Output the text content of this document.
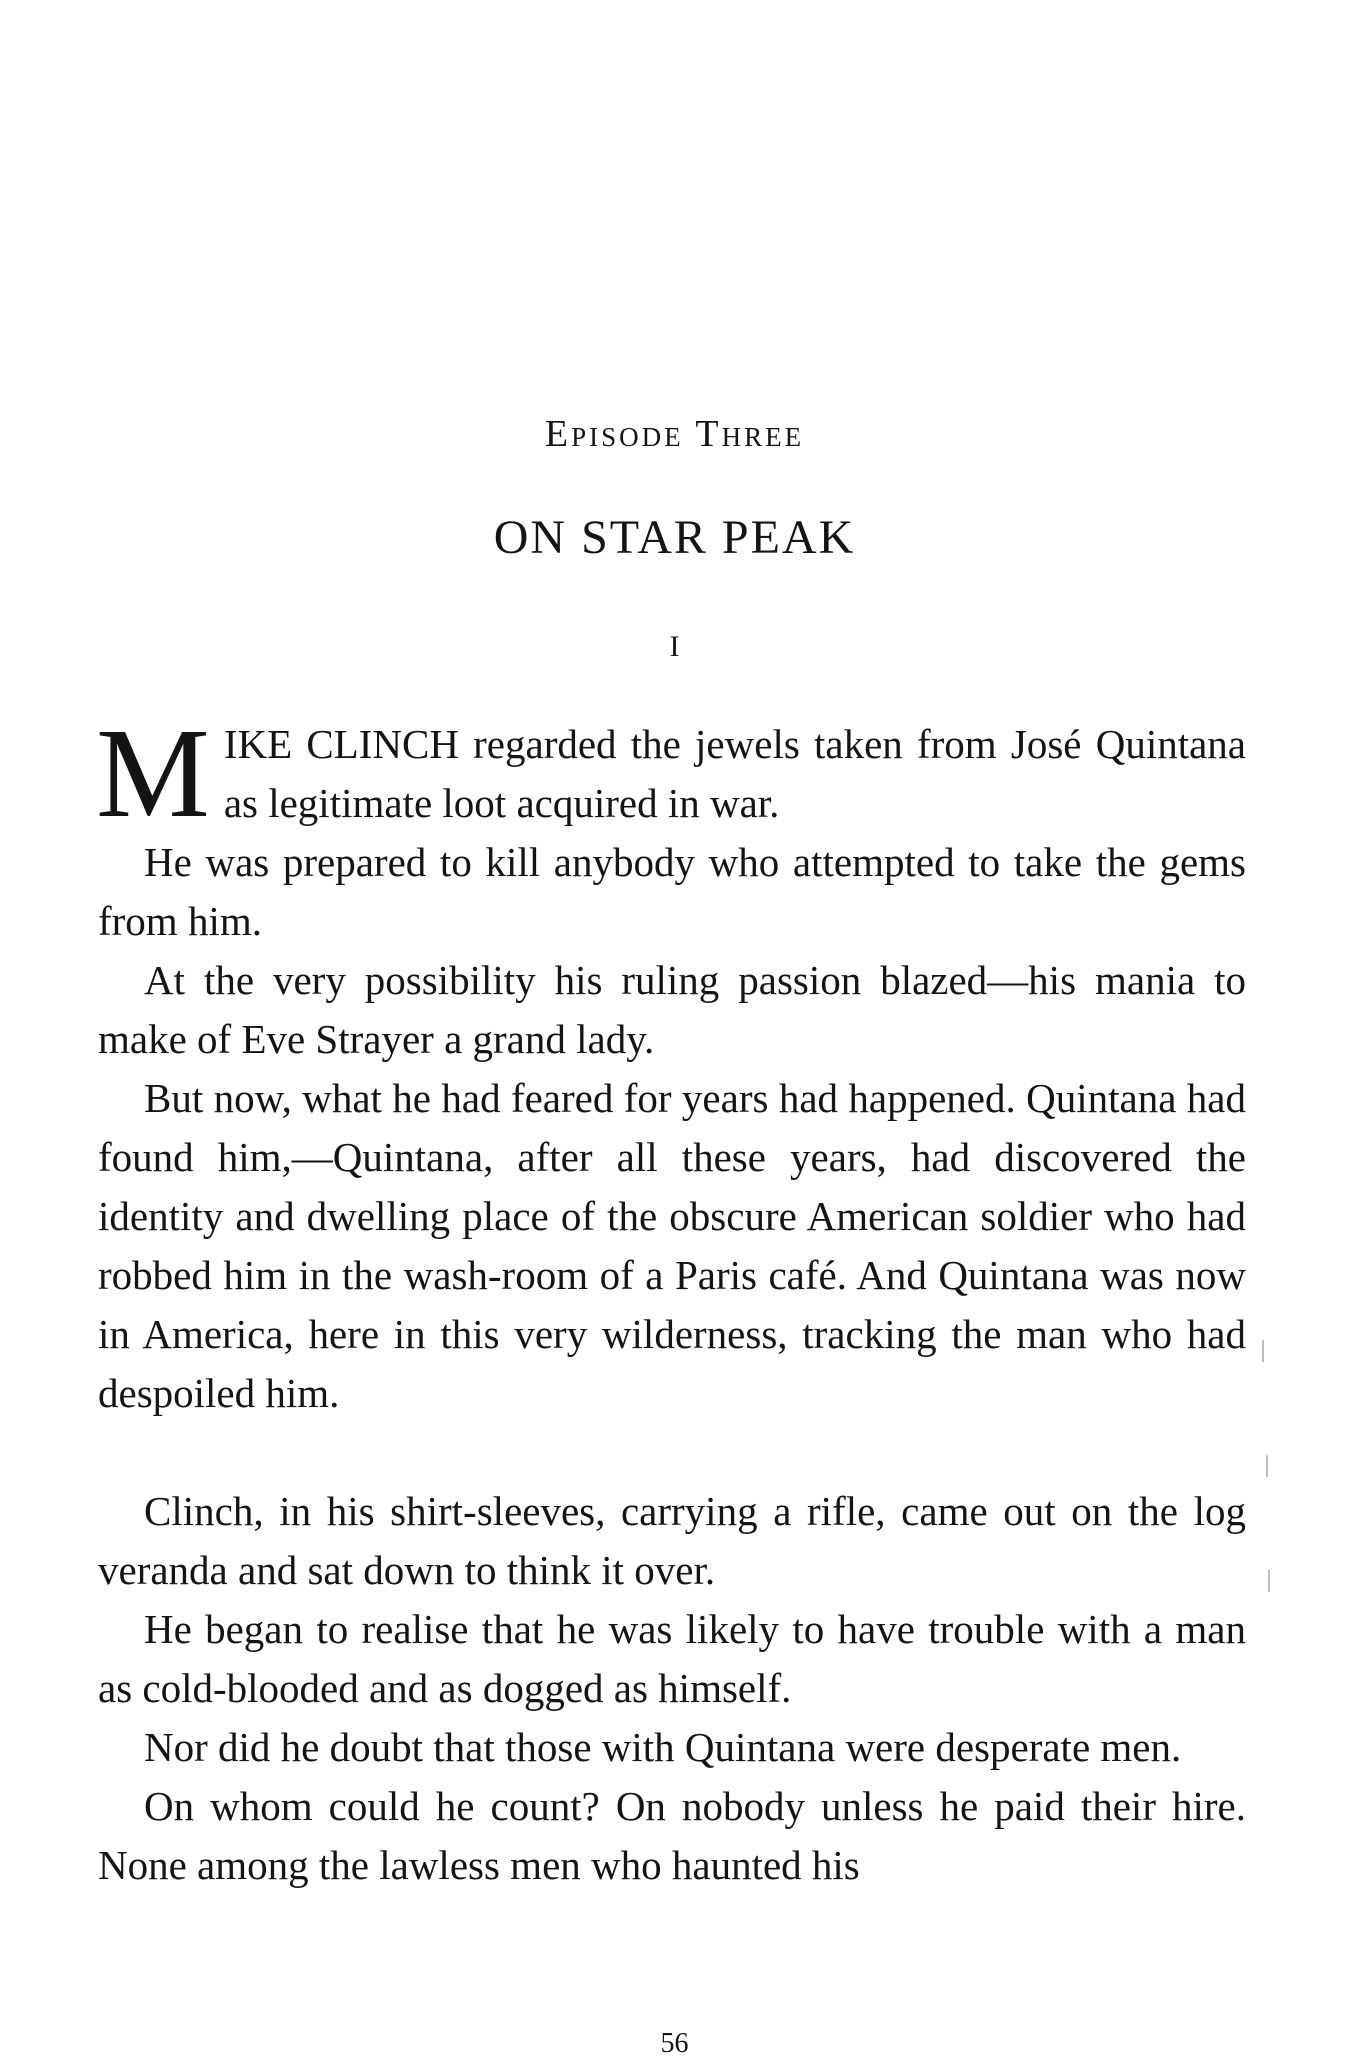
Episode Three
ON STAR PEAK
I

M IKE CLINCH regarded the jewels taken from José Quintana as legitimate loot acquired in war.

He was prepared to kill anybody who attempted to take the gems from him.

At the very possibility his ruling passion blazed—his mania to make of Eve Strayer a grand lady.

But now, what he had feared for years had happened. Quintana had found him,—Quintana, after all these years, had discovered the identity and dwelling place of the obscure American soldier who had robbed him in the wash-room of a Paris café. And Quintana was now in America, here in this very wilderness, tracking the man who had despoiled him.

Clinch, in his shirt-sleeves, carrying a rifle, came out on the log veranda and sat down to think it over.

He began to realise that he was likely to have trouble with a man as cold-blooded and as dogged as himself.

Nor did he doubt that those with Quintana were desperate men.

On whom could he count? On nobody unless he paid their hire. None among the lawless men who haunted his

56
